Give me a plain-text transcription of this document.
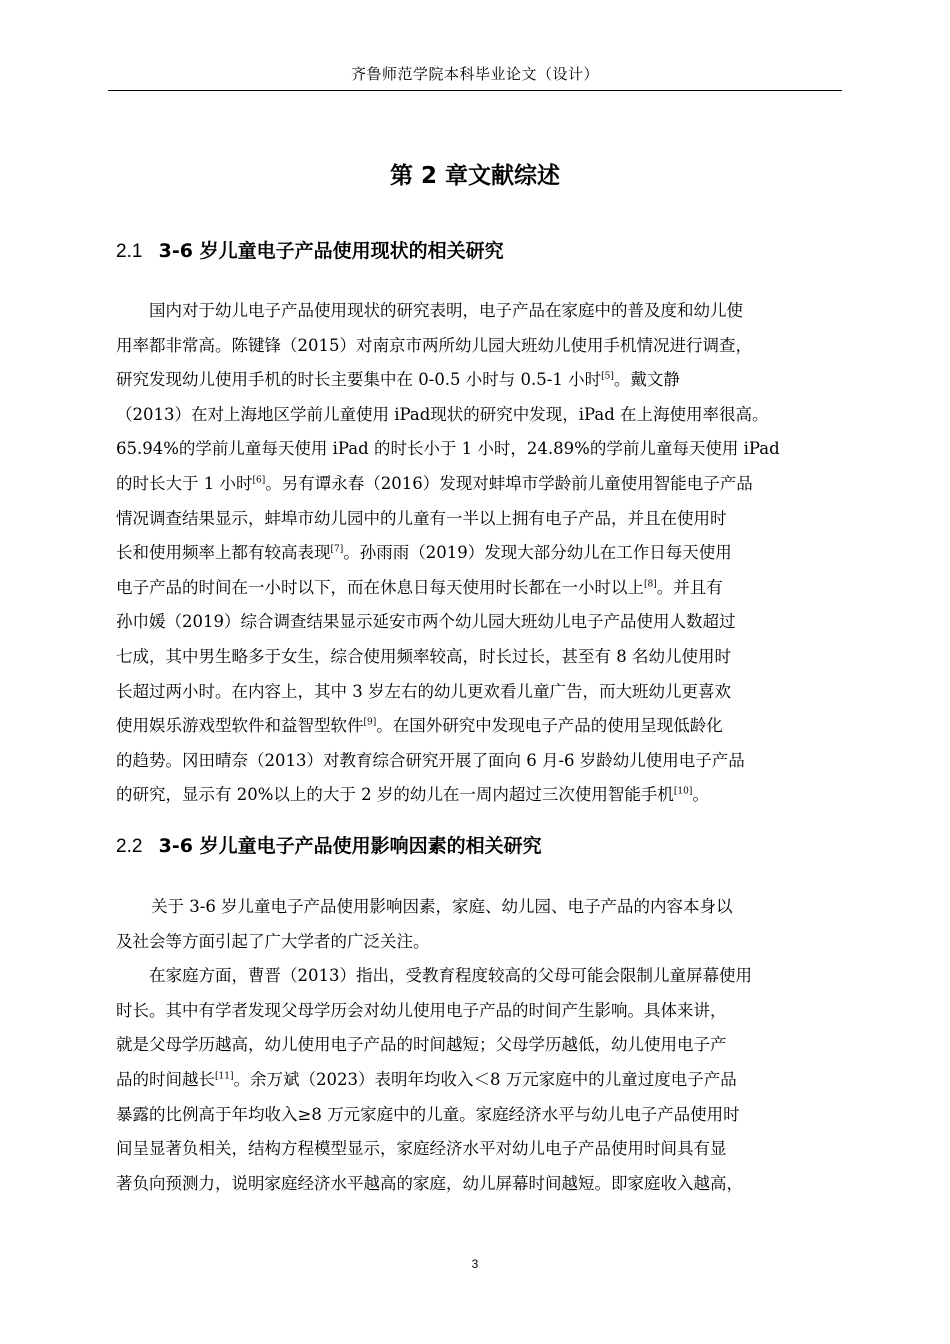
齐鲁师范学院本科毕业论文（设计）
第 2 章文献综述
2.1 3-6 岁儿童电子产品使用现状的相关研究
国内对于幼儿电子产品使用现状的研究表明，电子产品在家庭中的普及度和幼儿使
用率都非常高。陈键锋（2015）对南京市两所幼儿园大班幼儿使用手机情况进行调查，
研究发现幼儿使用手机的时长主要集中在 0-0.5 小时与 0.5-1 小时[5]。戴文静
（2013）在对上海地区学前儿童使用 iPad现状的研究中发现，iPad 在上海使用率很高。
65.94%的学前儿童每天使用 iPad 的时长小于 1 小时，24.89%的学前儿童每天使用 iPad
的时长大于 1 小时[6]。另有谭永春（2016）发现对蚌埠市学龄前儿童使用智能电子产品
情况调查结果显示，蚌埠市幼儿园中的儿童有一半以上拥有电子产品，并且在使用时
长和使用频率上都有较高表现[7]。孙雨雨（2019）发现大部分幼儿在工作日每天使用
电子产品的时间在一小时以下，而在休息日每天使用时长都在一小时以上[8]。并且有
孙巾媛（2019）综合调查结果显示延安市两个幼儿园大班幼儿电子产品使用人数超过
七成，其中男生略多于女生，综合使用频率较高，时长过长，甚至有 8 名幼儿使用时
长超过两小时。在内容上，其中 3 岁左右的幼儿更欢看儿童广告，而大班幼儿更喜欢
使用娱乐游戏型软件和益智型软件[9]。在国外研究中发现电子产品的使用呈现低龄化
的趋势。冈田晴奈（2013）对教育综合研究开展了面向 6 月-6 岁龄幼儿使用电子产品
的研究，显示有 20%以上的大于 2 岁的幼儿在一周内超过三次使用智能手机[10]。
2.2 3-6 岁儿童电子产品使用影响因素的相关研究
关于 3-6 岁儿童电子产品使用影响因素，家庭、幼儿园、电子产品的内容本身以
及社会等方面引起了广大学者的广泛关注。
在家庭方面，曹晋（2013）指出，受教育程度较高的父母可能会限制儿童屏幕使用
时长。其中有学者发现父母学历会对幼儿使用电子产品的时间产生影响。具体来讲，
就是父母学历越高，幼儿使用电子产品的时间越短；父母学历越低，幼儿使用电子产
品的时间越长[11]。余万斌（2023）表明年均收入＜8 万元家庭中的儿童过度电子产品
暴露的比例高于年均收入≥8 万元家庭中的儿童。家庭经济水平与幼儿电子产品使用时
间呈显著负相关，结构方程模型显示，家庭经济水平对幼儿电子产品使用时间具有显
著负向预测力，说明家庭经济水平越高的家庭，幼儿屏幕时间越短。即家庭收入越高，
3
